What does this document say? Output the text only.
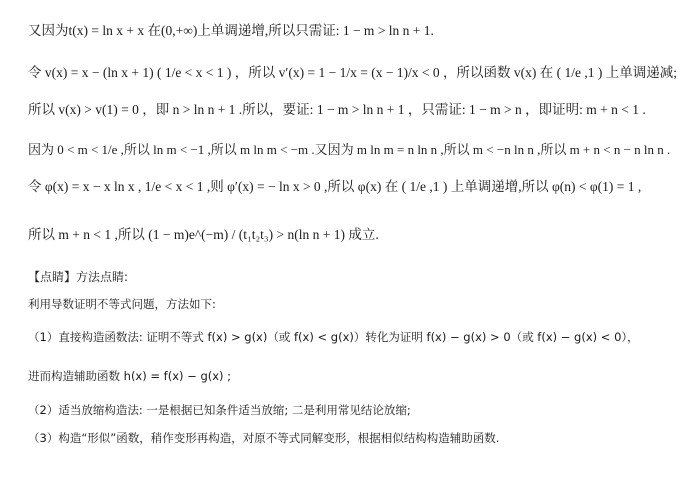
又因为t(x) = ln x + x 在(0,+∞)上单调递增,所以只需证: 1 − m > ln n + 1.
令 v(x) = x − (ln x + 1) ( 1/e < x < 1 ) ，所以 v′(x) = 1 − 1/x = (x − 1)/x < 0 ，所以函数 v(x) 在 ( 1/e ,1 ) 上单调递减;
所以 v(x) > v(1) = 0 ，即 n > ln n + 1 .所以，要证: 1 − m > ln n + 1 ，只需证: 1 − m > n ，即证明: m + n < 1 .
因为 0 < m < 1/e ,所以 ln m < −1 ,所以 m ln m < −m .又因为 m ln m = n ln n ,所以 m < −n ln n ,所以 m + n < n − n ln n .
令 φ(x) = x − x ln x , 1/e < x < 1 ,则 φ′(x) = − ln x > 0 ,所以 φ(x) 在 ( 1/e ,1 ) 上单调递增,所以 φ(n) < φ(1) = 1 ,
所以 m + n < 1 ,所以 (1 − m)e^(−m) / (t₁t₂t₃) > n(ln n + 1) 成立.
【点睛】方法点睛:
利用导数证明不等式问题，方法如下:
（1）直接构造函数法: 证明不等式 f(x) > g(x)（或 f(x) < g(x)）转化为证明 f(x) − g(x) > 0（或 f(x) − g(x) < 0），
进而构造辅助函数 h(x) = f(x) − g(x) ;
（2）适当放缩构造法: 一是根据已知条件适当放缩; 二是利用常见结论放缩;
（3）构造“形似”函数，稍作变形再构造，对原不等式同解变形，根据相似结构构造辅助函数.
